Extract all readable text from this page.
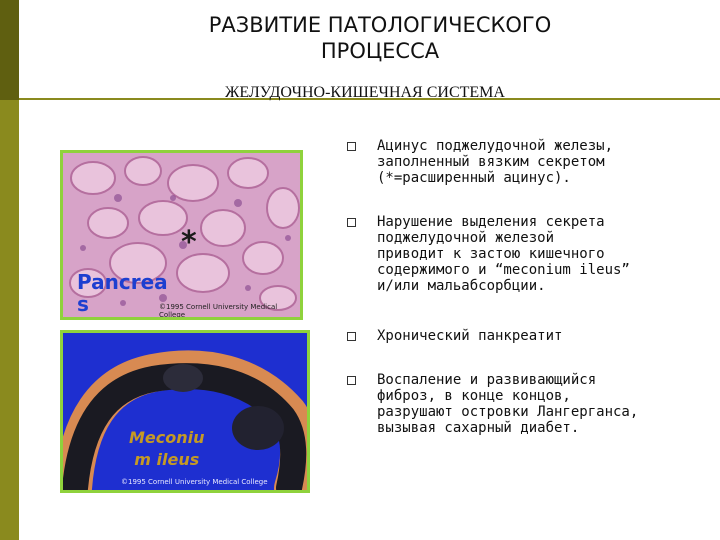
РАЗВИТИЕ ПАТОЛОГИЧЕСКОГО
ПРОЦЕССА
ЖЕЛУДОЧНО-КИШЕЧНАЯ СИСТЕМА
*
Pancrea
s	©1995 Cornell University Medical College
Meconiu
m ileus
©1995 Cornell University Medical College
Ацинус поджелудочной железы,
заполненный вязким секретом
(*=расширенный ацинус).
Нарушение выделения секрета
поджелудочной железой
приводит к застою кишечного
содержимого и “meconium ileus”
и/или мальабсорбции.
Хронический панкреатит
Воспаление и развивающийся
фиброз, в конце концов,
разрушают островки Лангерганса,
вызывая сахарный диабет.
